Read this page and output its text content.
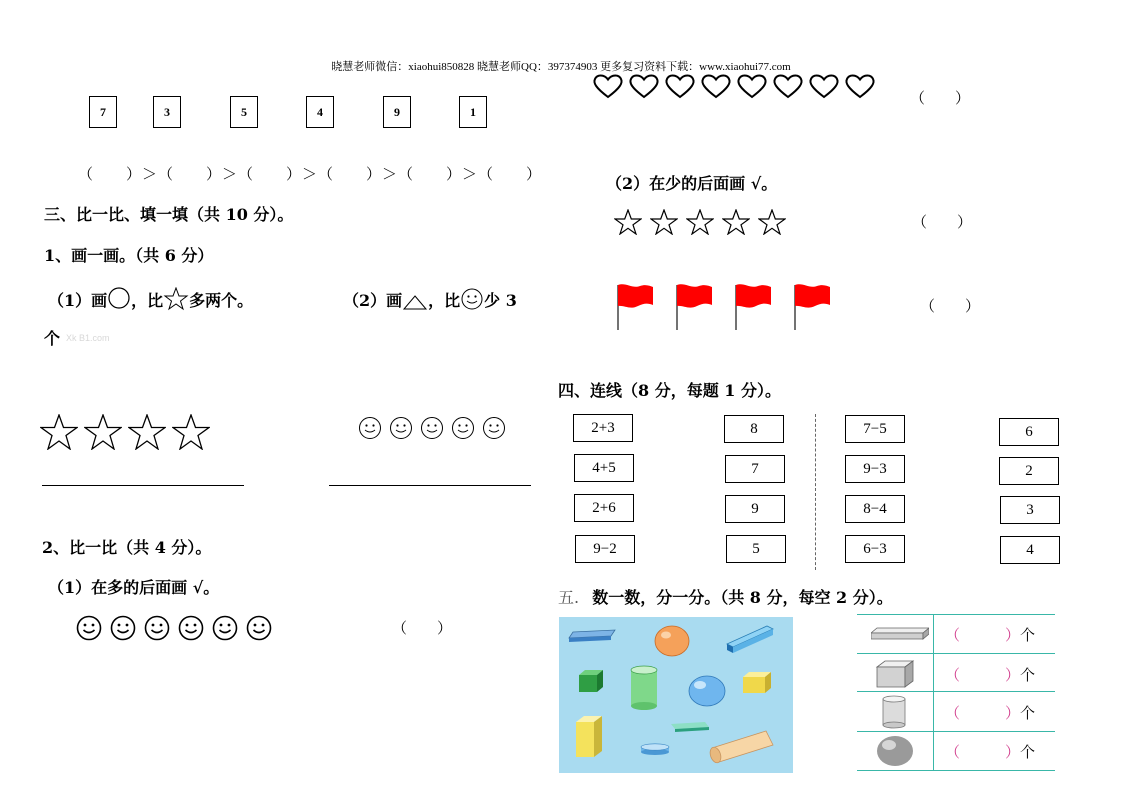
晓慧老师微信：xiaohui850828 晓慧老师QQ：397374903 更多复习资料下载：www.xiaohui77.com
7	3	5	4	9	1
（　　）＞（　　）＞（　　）＞（　　）＞（　　）＞（　　）
三、比一比、填一填（共 10 分）。
1、画一画。（共 6 分）
（1）画 ，比 多两个。	（2）画 ，比 少 3
个 Xk B1.com
2、比一比（共 4 分）。
（1）在多的后面画 √。
（　　）
（　　）
（2）在少的后面画 √。
（　　）
（　　）
四、连线（8 分，每题 1 分）。
2+3
4+5
2+6
9−2
8
7
9
5
7−5
9−3
8−4
6−3
6
2
3
4
五. 数一数，分一分。（共 8 分，每空 2 分）。
（　　　）个
（　　　）个
（　　　）个
（　　　）个
